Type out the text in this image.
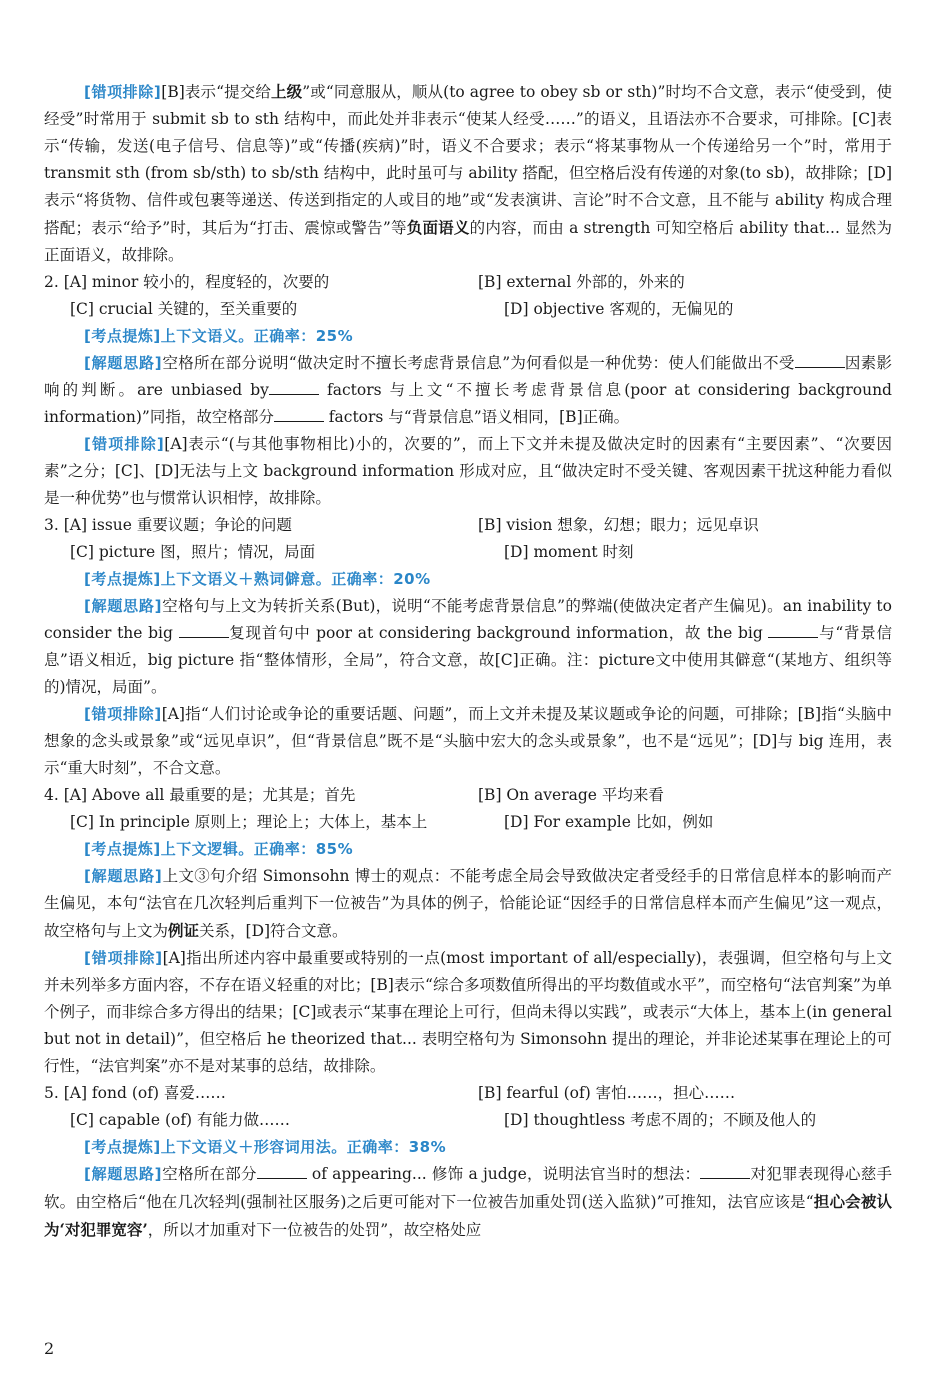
[错项排除][B]表示“提交给上级”或“同意服从，顺从(to agree to obey sb or sth)”时均不合文意，表示“使受到，使经受”时常用于 submit sb to sth 结构中，而此处并非表示“使某人经受……”的语义，且语法亦不合要求，可排除。[C]表示“传输，发送(电子信号、信息等)”或“传播(疾病)”时，语义不合要求；表示“将某事物从一个传递给另一个”时，常用于 transmit sth (from sb/sth) to sb/sth 结构中，此时虽可与 ability 搭配，但空格后没有传递的对象(to sb)，故排除；[D]表示“将货物、信件或包裹等递送、传送到指定的人或目的地”或“发表演讲、言论”时不合文意，且不能与 ability 构成合理搭配；表示“给予”时，其后为“打击、震惊或警告”等负面语义的内容，而由 a strength 可知空格后 ability that... 显然为正面语义，故排除。

2. [A] minor 较小的，程度轻的，次要的	[B] external 外部的，外来的
[C] crucial 关键的，至关重要的	[D] objective 客观的，无偏见的

[考点提炼]上下文语义。正确率：25%

[解题思路]空格所在部分说明“做决定时不擅长考虑背景信息”为何看似是一种优势：使人们能做出不受	因素影响的判断。are unbiased by	factors 与上文“不擅长考虑背景信息(poor at considering background information)”同指，故空格部分	factors 与“背景信息”语义相同，[B]正确。

[错项排除][A]表示“(与其他事物相比)小的，次要的”，而上下文并未提及做决定时的因素有“主要因素”、“次要因素”之分；[C]、[D]无法与上文 background information 形成对应，且“做决定时不受关键、客观因素干扰这种能力看似是一种优势”也与惯常认识相悖，故排除。

3. [A] issue 重要议题；争论的问题	[B] vision 想象，幻想；眼力；远见卓识
[C] picture 图，照片；情况，局面	[D] moment 时刻

[考点提炼]上下文语义＋熟词僻意。正确率：20%

[解题思路]空格句与上文为转折关系(But)，说明“不能考虑背景信息”的弊端(使做决定者产生偏见)。an inability to consider the big	复现首句中 poor at considering background information，故 the big	与“背景信息”语义相近，big picture 指“整体情形，全局”，符合文意，故[C]正确。注：picture文中使用其僻意“(某地方、组织等的)情况，局面”。

[错项排除][A]指“人们讨论或争论的重要话题、问题”，而上文并未提及某议题或争论的问题，可排除；[B]指“头脑中想象的念头或景象”或“远见卓识”，但“背景信息”既不是“头脑中宏大的念头或景象”，也不是“远见”；[D]与 big 连用，表示“重大时刻”，不合文意。

4. [A] Above all 最重要的是；尤其是；首先	[B] On average 平均来看
[C] In principle 原则上；理论上；大体上，基本上	[D] For example 比如，例如

[考点提炼]上下文逻辑。正确率：85%

[解题思路]上文③句介绍 Simonsohn 博士的观点：不能考虑全局会导致做决定者受经手的日常信息样本的影响而产生偏见，本句“法官在几次轻判后重判下一位被告”为具体的例子，恰能论证“因经手的日常信息样本而产生偏见”这一观点，故空格句与上文为例证关系，[D]符合文意。

[错项排除][A]指出所述内容中最重要或特别的一点(most important of all/especially)，表强调，但空格句与上文并未列举多方面内容，不存在语义轻重的对比；[B]表示“综合多项数值所得出的平均数值或水平”，而空格句“法官判案”为单个例子，而非综合多方得出的结果；[C]或表示“某事在理论上可行，但尚未得以实践”，或表示“大体上，基本上(in general but not in detail)”，但空格后 he theorized that... 表明空格句为 Simonsohn 提出的理论，并非论述某事在理论上的可行性，“法官判案”亦不是对某事的总结，故排除。

5. [A] fond (of) 喜爱……	[B] fearful (of) 害怕……，担心……
[C] capable (of) 有能力做……	[D] thoughtless 考虑不周的；不顾及他人的

[考点提炼]上下文语义＋形容词用法。正确率：38%

[解题思路]空格所在部分	of appearing... 修饰 a judge，说明法官当时的想法：	对犯罪表现得心慈手软。由空格后“他在几次轻判(强制社区服务)之后更可能对下一位被告加重处罚(送入监狱)”可推知，法官应该是“担心会被认为‘对犯罪宽容’，所以才加重对下一位被告的处罚”，故空格处应

2
